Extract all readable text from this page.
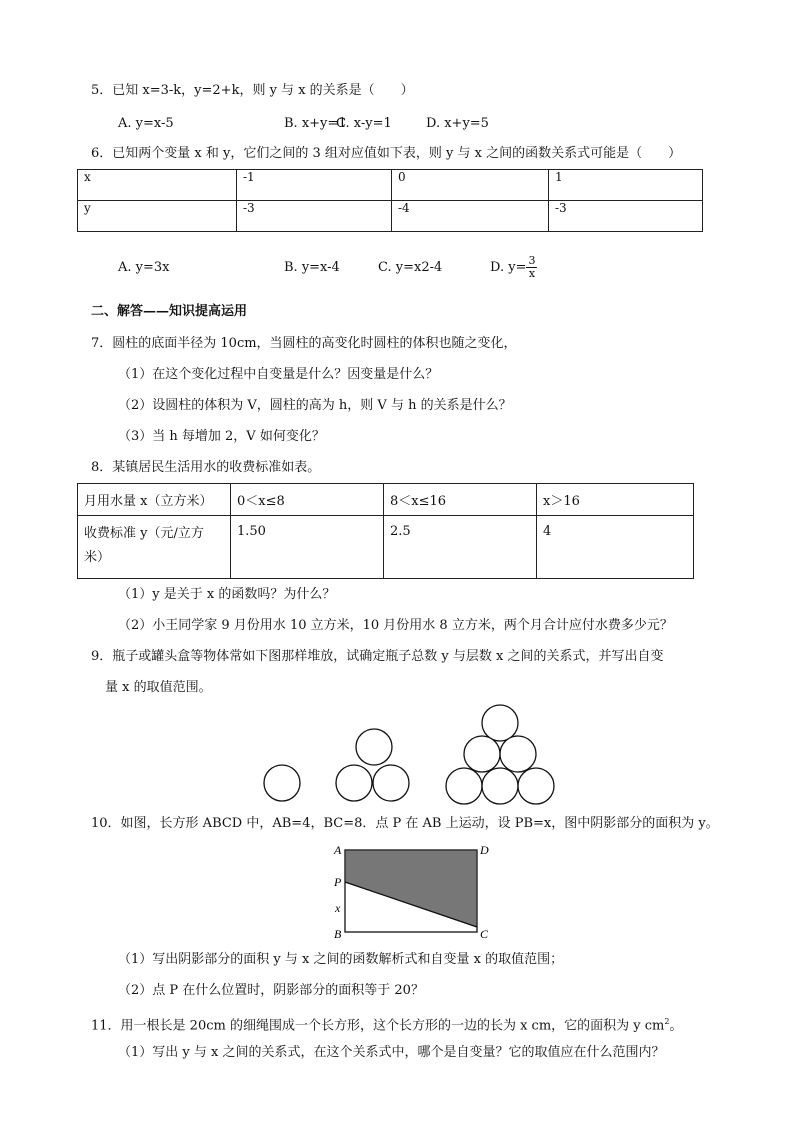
5．已知 x=3-k，y=2+k，则 y 与 x 的关系是（　　）
A. y=x-5	B. x+y=1
C. x-y=1	D. x+y=5
6．已知两个变量 x 和 y，它们之间的 3 组对应值如下表，则 y 与 x 之间的函数关系式可能是（　　）
x	-1	0	1
y	-3	-4	-3
A. y=3x	B. y=x-4	C. y=x2-4	D. $y= \frac{3}{x}$
二、解答——知识提高运用
7．圆柱的底面半径为 10cm，当圆柱的高变化时圆柱的体积也随之变化，
（1）在这个变化过程中自变量是什么？因变量是什么？
（2）设圆柱的体积为 V，圆柱的高为 h，则 V 与 h 的关系是什么？
（3）当 h 每增加 2，V 如何变化？
8．某镇居民生活用水的收费标准如表。
月用水量 x（立方米）	0＜x≤8	8＜x≤16	x＞16
收费标准 y（元/立方
米）	1.50	2.5	4
（1）y 是关于 x 的函数吗？为什么？
（2）小王同学家 9 月份用水 10 立方米，10 月份用水 8 立方米，两个月合计应付水费多少元？
9．瓶子或罐头盒等物体常如下图那样堆放，试确定瓶子总数 y 与层数 x 之间的关系式，并写出自变
量 x 的取值范围。
10．如图，长方形 ABCD 中，AB=4，BC=8．点 P 在 AB 上运动，设 PB=x，图中阴影部分的面积为 y。
A	D
P
x
B	C
（1）写出阴影部分的面积 y 与 x 之间的函数解析式和自变量 x 的取值范围；
（2）点 P 在什么位置时，阴影部分的面积等于 20？
11．用一根长是 20cm 的细绳围成一个长方形，这个长方形的一边的长为 x cm，它的面积为 y $cm^2$。
（1）写出 y 与 x 之间的关系式，在这个关系式中，哪个是自变量？它的取值应在什么范围内？
